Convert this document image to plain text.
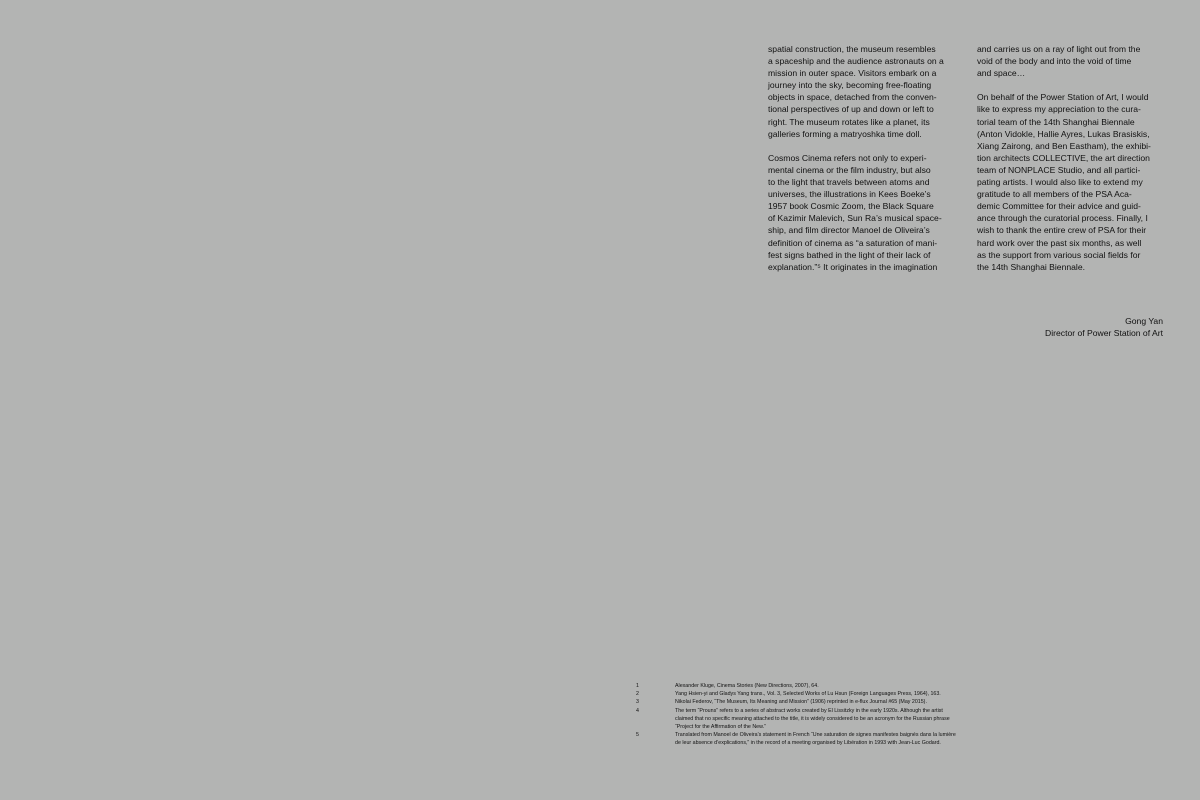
spatial construction, the museum resembles
a spaceship and the audience astronauts on a
mission in outer space. Visitors embark on a
journey into the sky, becoming free-floating
objects in space, detached from the conven-
tional perspectives of up and down or left to
right. The museum rotates like a planet, its
galleries forming a matryoshka time doll.
Cosmos Cinema refers not only to experi-
mental cinema or the film industry, but also
to the light that travels between atoms and
universes, the illustrations in Kees Boeke’s
1957 book Cosmic Zoom, the Black Square
of Kazimir Malevich, Sun Ra’s musical space-
ship, and film director Manoel de Oliveira’s
definition of cinema as “a saturation of mani-
fest signs bathed in the light of their lack of
explanation.”⁵ It originates in the imagination
and carries us on a ray of light out from the
void of the body and into the void of time
and space…
On behalf of the Power Station of Art, I would
like to express my appreciation to the cura-
torial team of the 14th Shanghai Biennale
(Anton Vidokle, Hallie Ayres, Lukas Brasiskis,
Xiang Zairong, and Ben Eastham), the exhibi-
tion architects COLLECTIVE, the art direction
team of NONPLACE Studio, and all partici-
pating artists. I would also like to extend my
gratitude to all members of the PSA Aca-
demic Committee for their advice and guid-
ance through the curatorial process. Finally, I
wish to thank the entire crew of PSA for their
hard work over the past six months, as well
as the support from various social fields for
the 14th Shanghai Biennale.
Gong Yan
Director of Power Station of Art
1	Alexander Kluge, Cinema Stories (New Directions, 2007), 64.
2	Yang Hsien-yi and Gladys Yang trans., Vol. 3, Selected Works of Lu Hsun (Foreign Languages Press, 1964), 163.
3	Nikolai Federov, “The Museum, Its Meaning and Mission” (1906) reprinted in e-flux Journal #65 (May 2015).
4	The term “Prouns” refers to a series of abstract works created by El Lissitzky in the early 1920s. Although the artist
claimed that no specific meaning attached to the title, it is widely considered to be an acronym for the Russian phrase
“Project for the Affirmation of the New.”
5	Translated from Manoel de Oliveira’s statement in French “Une saturation de signes manifestes baignés dans la lumière
de leur absence d’explications,” in the record of a meeting organised by Libération in 1993 with Jean-Luc Godard.
